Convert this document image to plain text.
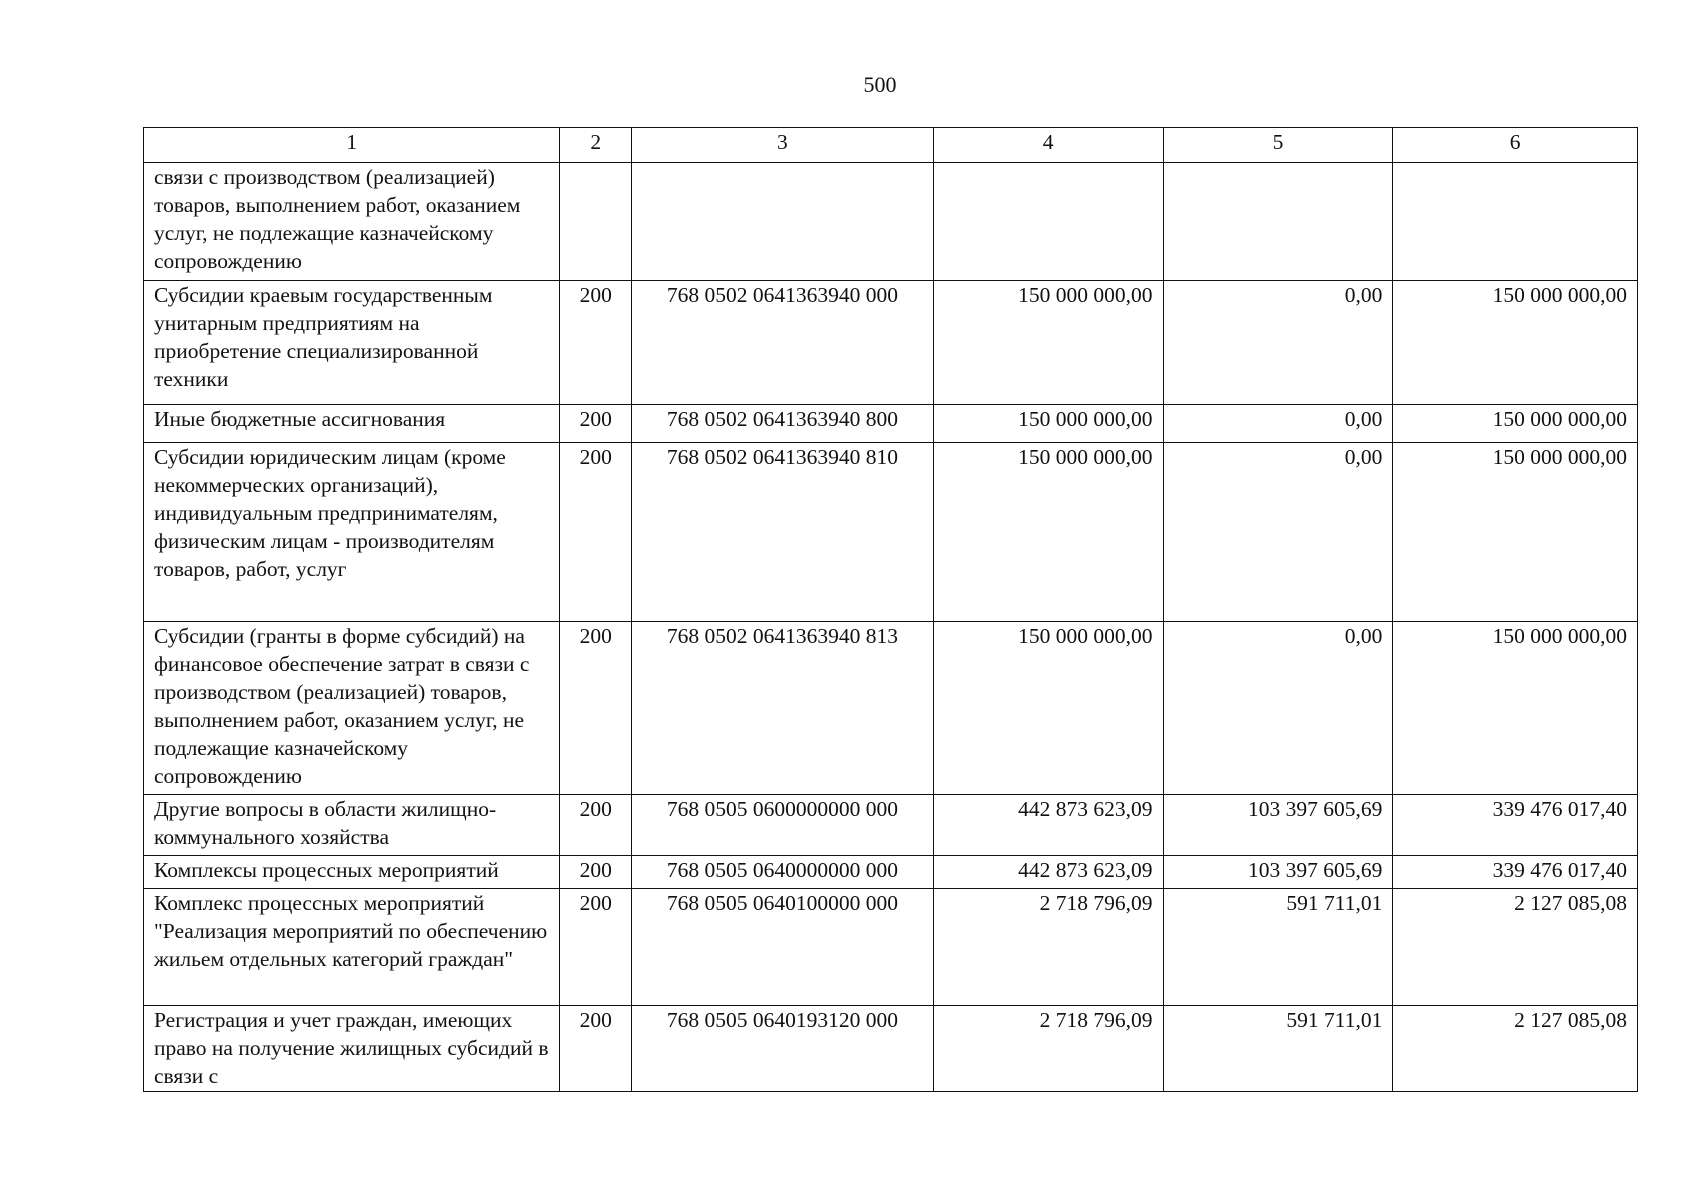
500
1	2	3	4	5	6
связи с производством (реализацией) товаров, выполнением работ, оказанием услуг, не подлежащие казначейскому сопровождению					
Субсидии краевым государственным унитарным предприятиям на приобретение специализированной техники	200	768 0502 0641363940 000	150 000 000,00	0,00	150 000 000,00
Иные бюджетные ассигнования	200	768 0502 0641363940 800	150 000 000,00	0,00	150 000 000,00
Субсидии юридическим лицам (кроме некоммерческих организаций), индивидуальным предпринимателям, физическим лицам - производителям товаров, работ, услуг	200	768 0502 0641363940 810	150 000 000,00	0,00	150 000 000,00
Субсидии (гранты в форме субсидий) на финансовое обеспечение затрат в связи с производством (реализацией) товаров, выполнением работ, оказанием услуг, не подлежащие казначейскому сопровождению	200	768 0502 0641363940 813	150 000 000,00	0,00	150 000 000,00
Другие вопросы в области жилищно-коммунального хозяйства	200	768 0505 0600000000 000	442 873 623,09	103 397 605,69	339 476 017,40
Комплексы процессных мероприятий	200	768 0505 0640000000 000	442 873 623,09	103 397 605,69	339 476 017,40
Комплекс процессных мероприятий "Реализация мероприятий по обеспечению жильем отдельных категорий граждан"	200	768 0505 0640100000 000	2 718 796,09	591 711,01	2 127 085,08
Регистрация и учет граждан, имеющих право на получение жилищных субсидий в связи с	200	768 0505 0640193120 000	2 718 796,09	591 711,01	2 127 085,08
